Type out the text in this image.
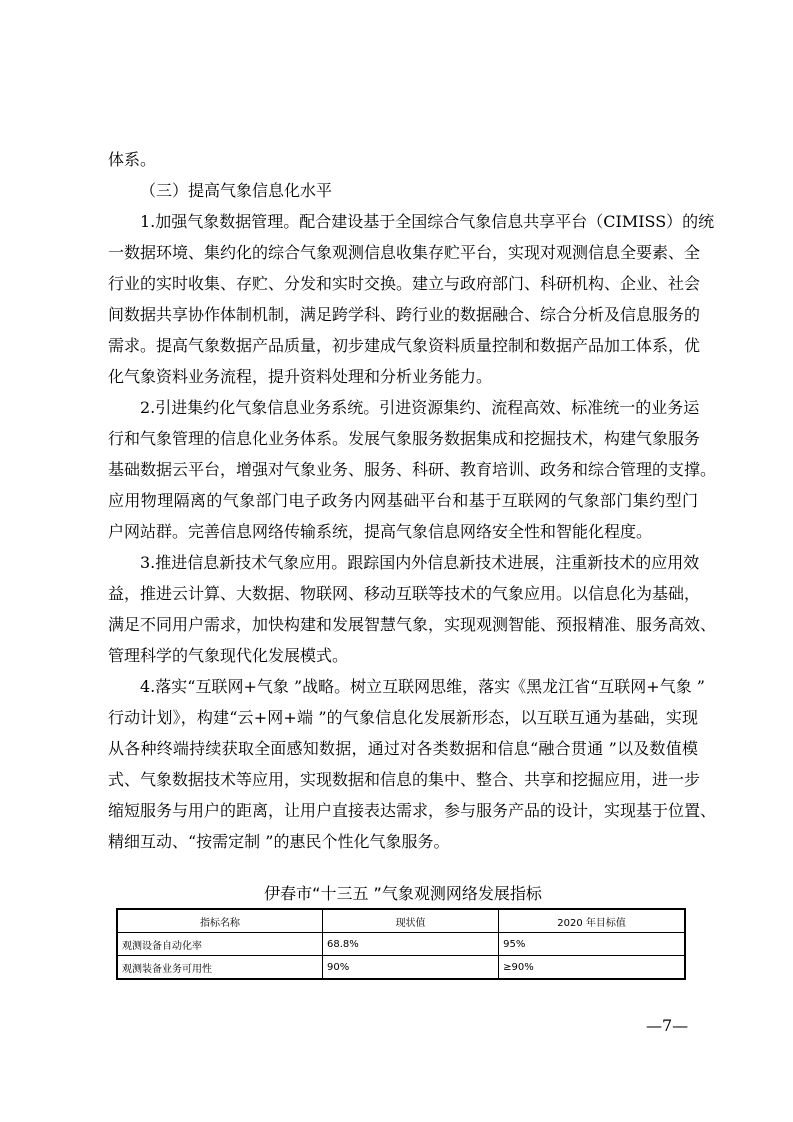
体系。
（三）提高气象信息化水平
1.加强气象数据管理。配合建设基于全国综合气象信息共享平台（CIMISS）的统
一数据环境、集约化的综合气象观测信息收集存贮平台，实现对观测信息全要素、全
行业的实时收集、存贮、分发和实时交换。建立与政府部门、科研机构、企业、社会
间数据共享协作体制机制，满足跨学科、跨行业的数据融合、综合分析及信息服务的
需求。提高气象数据产品质量，初步建成气象资料质量控制和数据产品加工体系，优
化气象资料业务流程，提升资料处理和分析业务能力。
2.引进集约化气象信息业务系统。引进资源集约、流程高效、标准统一的业务运
行和气象管理的信息化业务体系。发展气象服务数据集成和挖掘技术，构建气象服务
基础数据云平台，增强对气象业务、服务、科研、教育培训、政务和综合管理的支撑。
应用物理隔离的气象部门电子政务内网基础平台和基于互联网的气象部门集约型门
户网站群。完善信息网络传输系统，提高气象信息网络安全性和智能化程度。
3.推进信息新技术气象应用。跟踪国内外信息新技术进展，注重新技术的应用效
益，推进云计算、大数据、物联网、移动互联等技术的气象应用。以信息化为基础，
满足不同用户需求，加快构建和发展智慧气象，实现观测智能、预报精准、服务高效、
管理科学的气象现代化发展模式。
4.落实“互联网+气象 ”战略。树立互联网思维，落实《黑龙江省“互联网+气象 ”
行动计划》，构建“云+网+端 ”的气象信息化发展新形态，以互联互通为基础，实现
从各种终端持续获取全面感知数据，通过对各类数据和信息“融合贯通 ”以及数值模
式、气象数据技术等应用，实现数据和信息的集中、整合、共享和挖掘应用，进一步
缩短服务与用户的距离，让用户直接表达需求，参与服务产品的设计，实现基于位置、
精细互动、“按需定制 ”的惠民个性化气象服务。
伊春市“十三五 ”气象观测网络发展指标
指标名称	现状值	2020 年目标值
观测设备自动化率	68.8%	95%
观测装备业务可用性	90%	≥90%
—7—
